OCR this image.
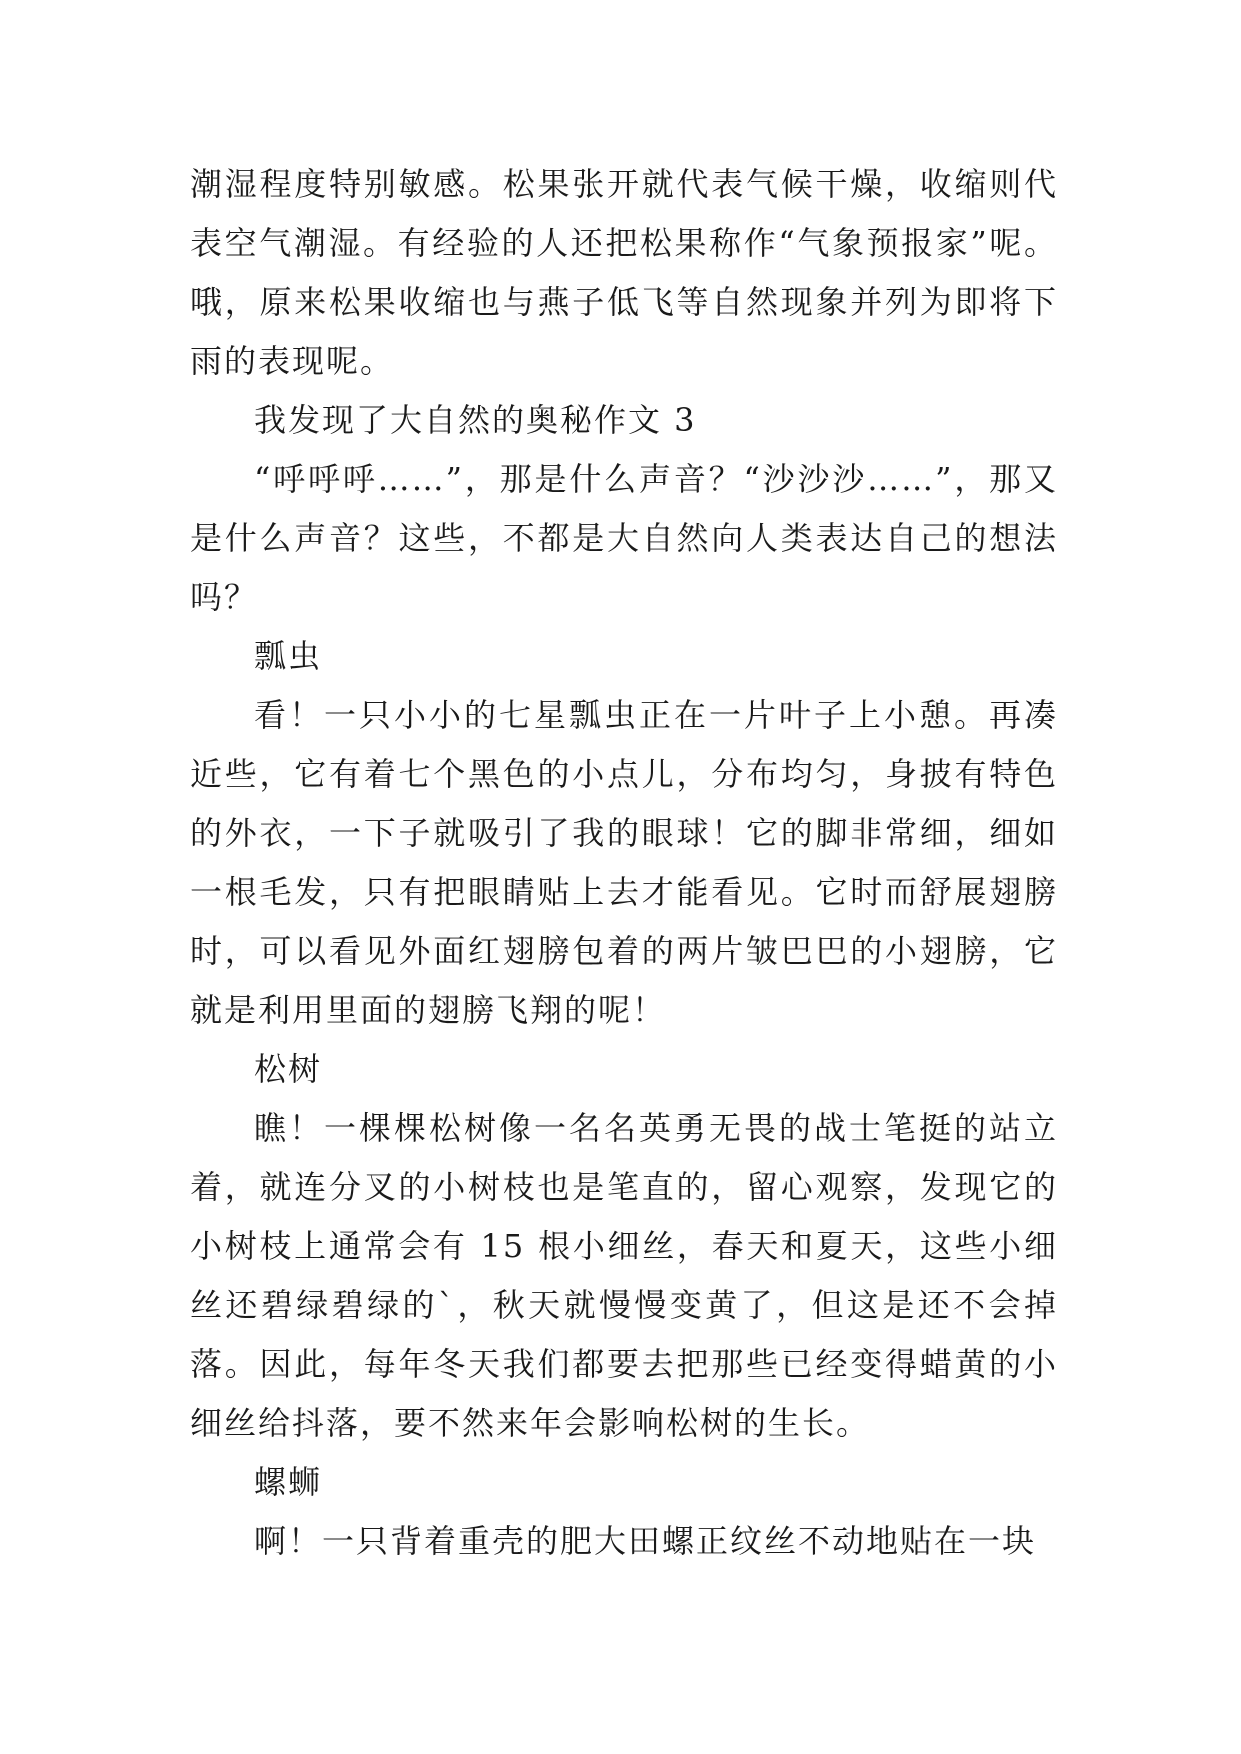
潮湿程度特别敏感。松果张开就代表气候干燥，收缩则代表空气潮湿。有经验的人还把松果称作“气象预报家”呢。哦，原来松果收缩也与燕子低飞等自然现象并列为即将下雨的表现呢。

我发现了大自然的奥秘作文 3

“呼呼呼……”，那是什么声音？“沙沙沙……”，那又是什么声音？这些，不都是大自然向人类表达自己的想法吗？

瓢虫

看！一只小小的七星瓢虫正在一片叶子上小憩。再凑近些，它有着七个黑色的小点儿，分布均匀，身披有特色的外衣，一下子就吸引了我的眼球！它的脚非常细，细如一根毛发，只有把眼睛贴上去才能看见。它时而舒展翅膀时，可以看见外面红翅膀包着的两片皱巴巴的小翅膀，它就是利用里面的翅膀飞翔的呢！

松树

瞧！一棵棵松树像一名名英勇无畏的战士笔挺的站立着，就连分叉的小树枝也是笔直的，留心观察，发现它的小树枝上通常会有 15 根小细丝，春天和夏天，这些小细丝还碧绿碧绿的`，秋天就慢慢变黄了，但这是还不会掉落。因此，每年冬天我们都要去把那些已经变得蜡黄的小细丝给抖落，要不然来年会影响松树的生长。

螺蛳

啊！一只背着重壳的肥大田螺正纹丝不动地贴在一块
